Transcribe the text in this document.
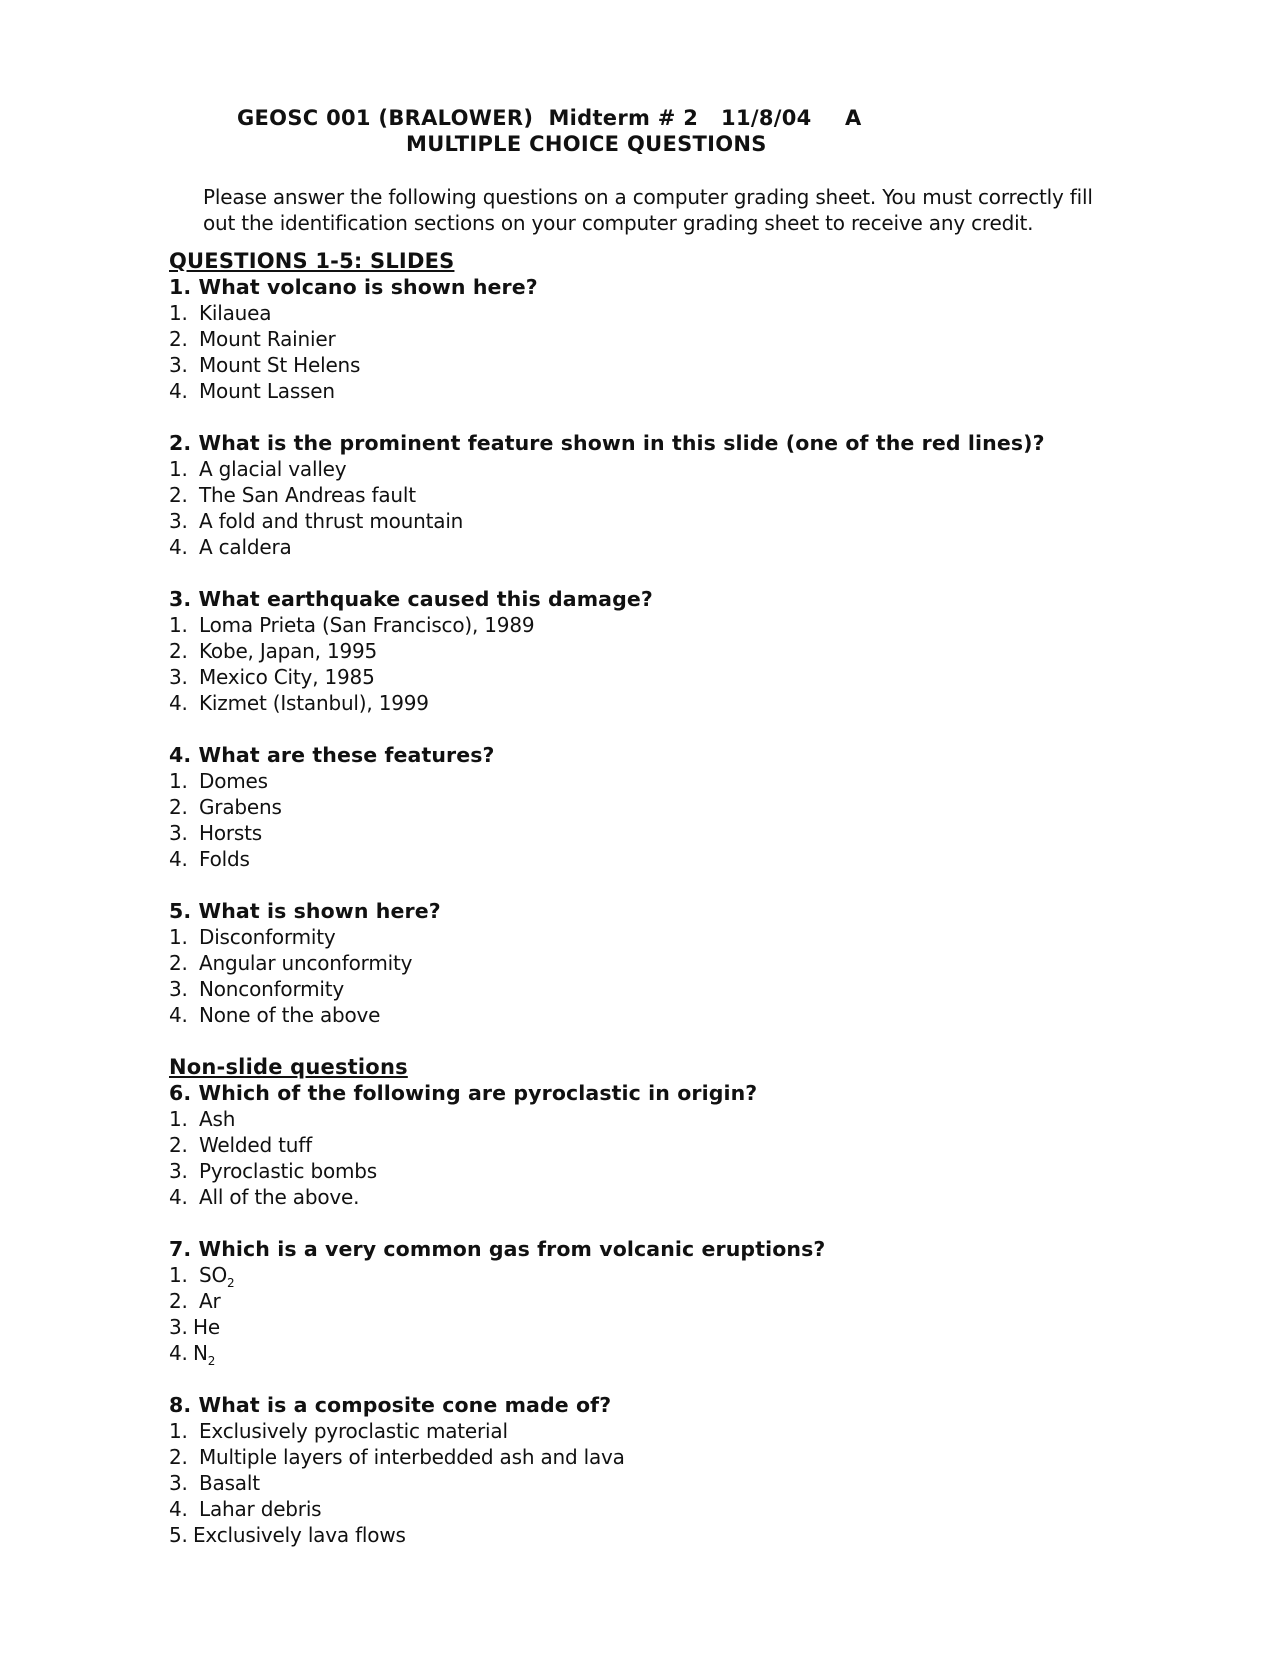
GEOSC 001 (BRALOWER)  Midterm # 2   11/8/04 A
MULTIPLE CHOICE QUESTIONS
Please answer the following questions on a computer grading sheet. You must correctly fill out the identification sections on your computer grading sheet to receive any credit.
QUESTIONS 1-5: SLIDES
1. What volcano is shown here?
1. Kilauea
2. Mount Rainier
3. Mount St Helens
4. Mount Lassen
2. What is the prominent feature shown in this slide (one of the red lines)?
1. A glacial valley
2. The San Andreas fault
3. A fold and thrust mountain
4. A caldera
3. What earthquake caused this damage?
1. Loma Prieta (San Francisco), 1989
2. Kobe, Japan, 1995
3. Mexico City, 1985
4. Kizmet (Istanbul), 1999
4. What are these features?
1. Domes
2. Grabens
3. Horsts
4. Folds
5. What is shown here?
1. Disconformity
2. Angular unconformity
3. Nonconformity
4. None of the above
Non-slide questions
6. Which of the following are pyroclastic in origin?
1. Ash
2. Welded tuff
3. Pyroclastic bombs
4. All of the above.
7. Which is a very common gas from volcanic eruptions?
1. $SO_2$
2. Ar
3. He
4. $N_2$
8. What is a composite cone made of?
1. Exclusively pyroclastic material
2. Multiple layers of interbedded ash and lava
3. Basalt
4. Lahar debris
5. Exclusively lava flows
